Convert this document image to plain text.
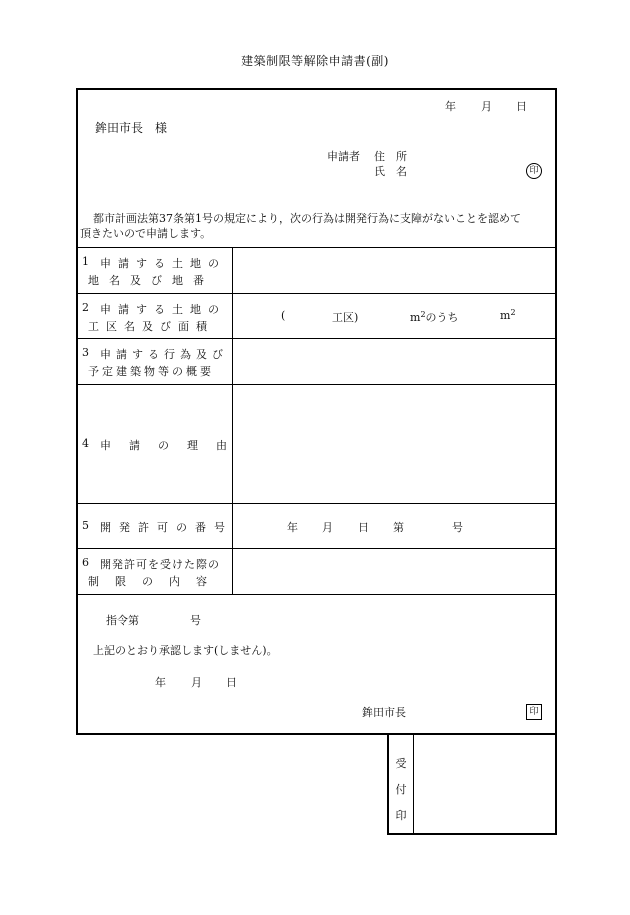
建築制限等解除申請書(副)
年 月 日
鉾田市長　様
申請者 住　所
氏　名	印
都市計画法第37条第1号の規定により，次の行為は開発行為に支障がないことを認めて
頂きたいので申請します。
1 申請する土地の
地名及び地番
2 申請する土地の
工区名及び面積
(	工区)	$m^2$のうち	$m^2$
3 申請する行為及び
予定建築物等の概要
4 申請の理由
5 開発許可の番号	年 月 日 第	号
6 開発許可を受けた際の
制限の内容
指令第	号
上記のとおり承認します(しません)。
年 月 日
鉾田市長	印
受
付
印
